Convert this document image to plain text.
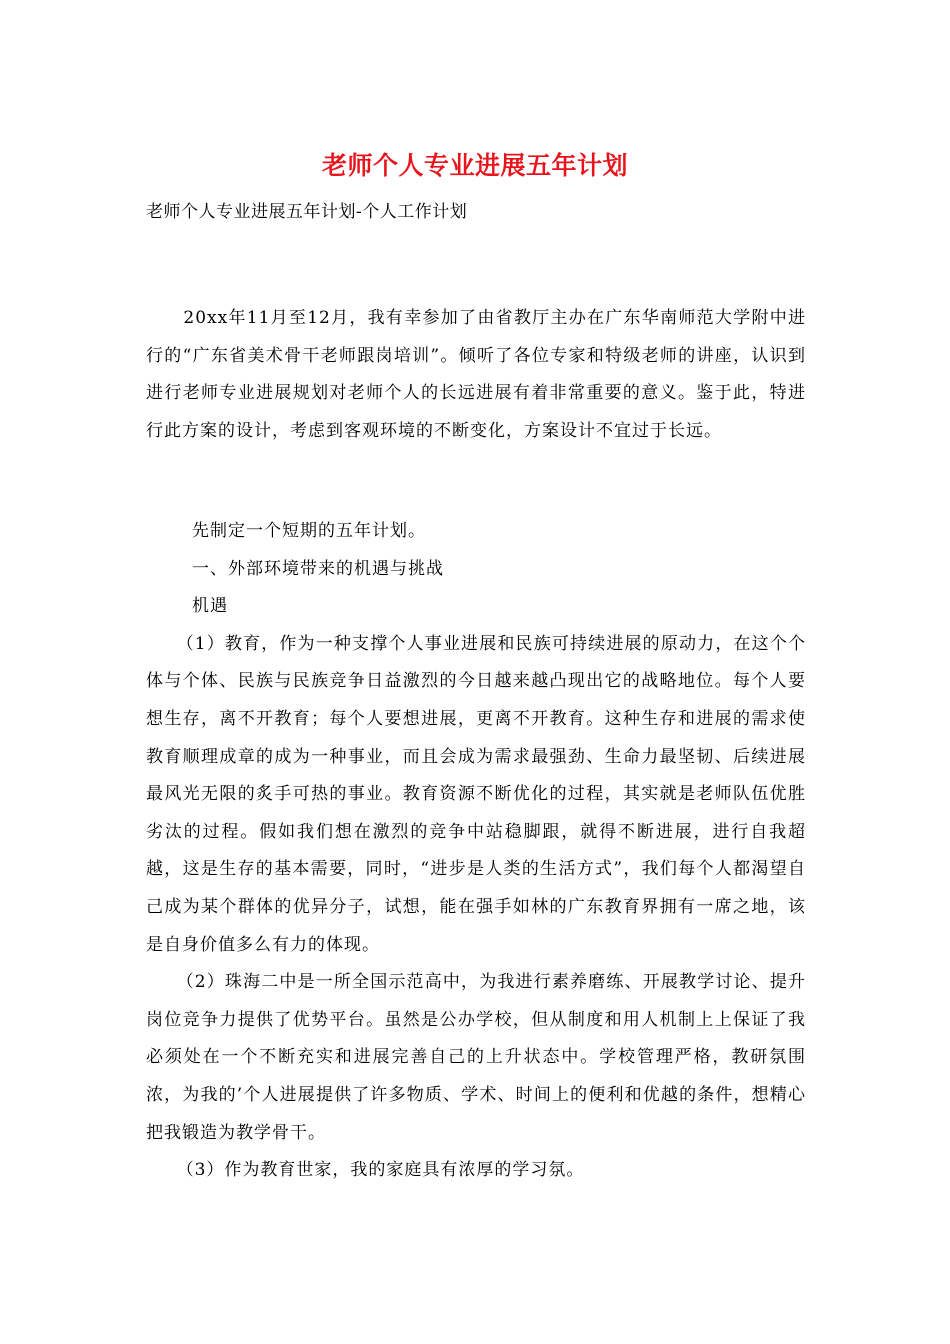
老师个人专业进展五年计划
老师个人专业进展五年计划-个人工作计划

20xx年11月至12月，我有幸参加了由省教厅主办在广东华南师范大学附中进行的“广东省美术骨干老师跟岗培训”。倾听了各位专家和特级老师的讲座，认识到进行老师专业进展规划对老师个人的长远进展有着非常重要的意义。鉴于此，特进行此方案的设计，考虑到客观环境的不断变化，方案设计不宜过于长远。

先制定一个短期的五年计划。

一、外部环境带来的机遇与挑战

机遇

（1）教育，作为一种支撑个人事业进展和民族可持续进展的原动力，在这个个体与个体、民族与民族竞争日益激烈的今日越来越凸现出它的战略地位。每个人要想生存，离不开教育；每个人要想进展，更离不开教育。这种生存和进展的需求使教育顺理成章的成为一种事业，而且会成为需求最强劲、生命力最坚韧、后续进展最风光无限的炙手可热的事业。教育资源不断优化的过程，其实就是老师队伍优胜劣汰的过程。假如我们想在激烈的竞争中站稳脚跟，就得不断进展，进行自我超越，这是生存的基本需要，同时，“进步是人类的生活方式”，我们每个人都渴望自己成为某个群体的优异分子，试想，能在强手如林的广东教育界拥有一席之地，该是自身价值多么有力的体现。

（2）珠海二中是一所全国示范高中，为我进行素养磨练、开展教学讨论、提升岗位竞争力提供了优势平台。虽然是公办学校，但从制度和用人机制上上保证了我必须处在一个不断充实和进展完善自己的上升状态中。学校管理严格，教研氛围浓，为我的’个人进展提供了许多物质、学术、时间上的便利和优越的条件，想精心把我锻造为教学骨干。

（3）作为教育世家，我的家庭具有浓厚的学习氛。
